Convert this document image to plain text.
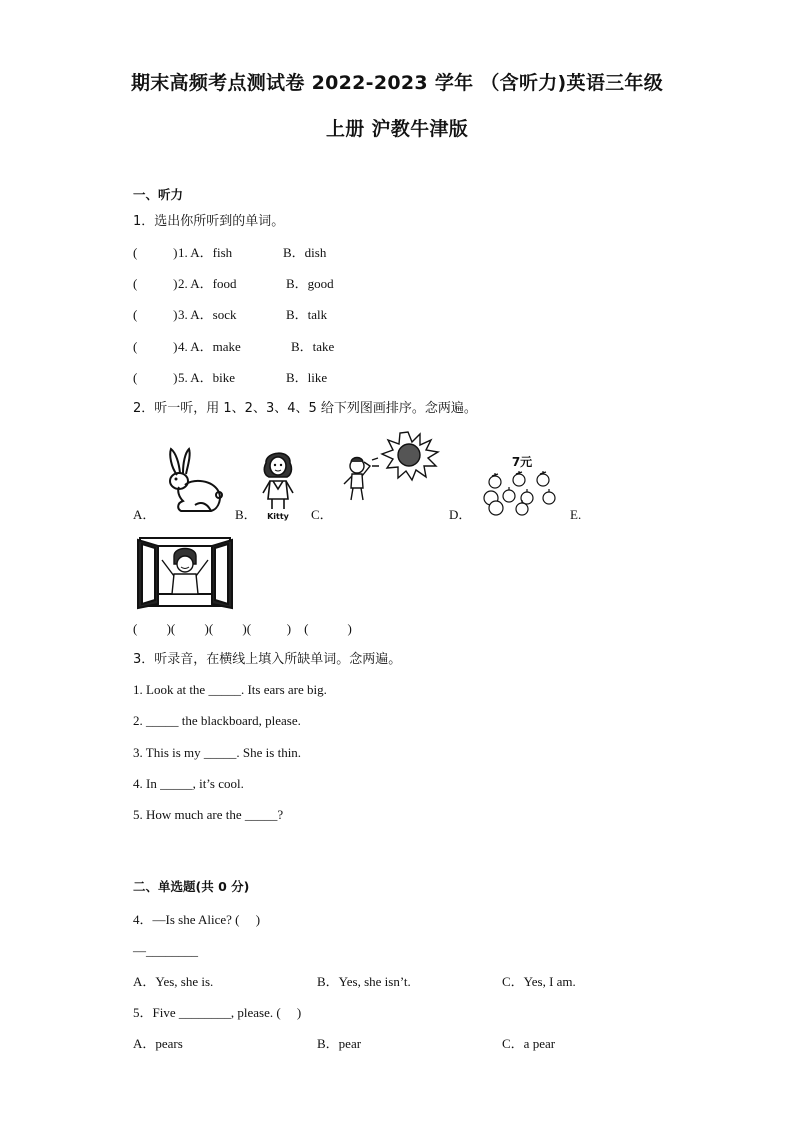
期末高频考点测试卷 2022-2023 学年 （含听力)英语三年级
上册 沪教牛津版
一、听力
1．选出你所听到的单词。
(           ) 1. A．fish	B．dish
(           ) 2. A．food	B．good
(           ) 3. A．sock	B．talk
(           ) 4. A．make	B．take
(           ) 5. A．bike	B．like
2．听一听，用 1、2、3、4、5 给下列图画排序。念两遍。
A．	B．	C．	D．	E.
Kitty
7元
(         )(         )(         )(           )    (            )
3．听录音，在横线上填入所缺单词。念两遍。
1. Look at the _____. Its ears are big.
2. _____ the blackboard, please.
3. This is my _____. She is thin.
4. In _____, it’s cool.
5. How much are the _____?
二、单选题(共 0 分)
4．—Is she Alice? (     )
—________
A．Yes, she is.	B．Yes, she isn’t.	C．Yes, I am.
5．Five ________, please. (     )
A．pears	B．pear	C．a pear
